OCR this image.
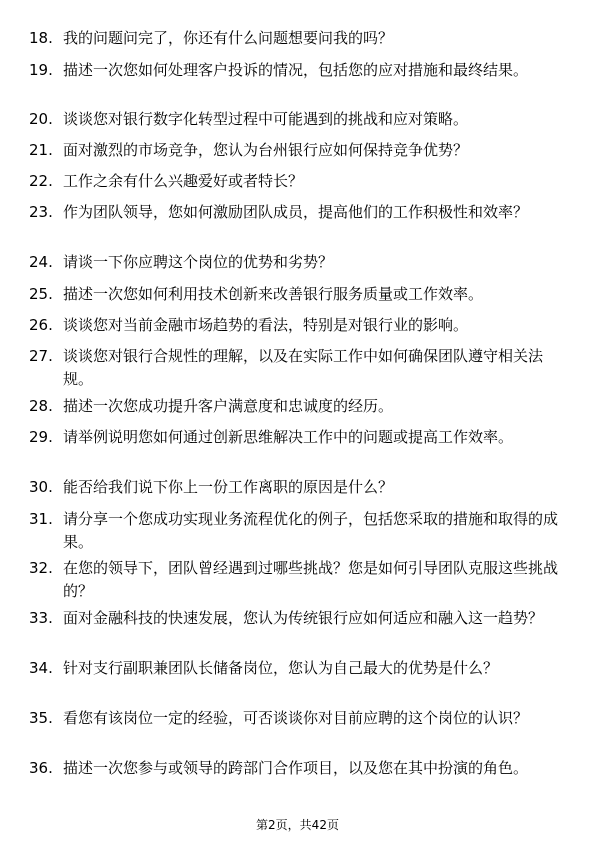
18. 我的问题问完了，你还有什么问题想要问我的吗？
19. 描述一次您如何处理客户投诉的情况，包括您的应对措施和最终结果。
20. 谈谈您对银行数字化转型过程中可能遇到的挑战和应对策略。
21. 面对激烈的市场竞争，您认为台州银行应如何保持竞争优势？
22. 工作之余有什么兴趣爱好或者特长？
23. 作为团队领导，您如何激励团队成员，提高他们的工作积极性和效率？
24. 请谈一下你应聘这个岗位的优势和劣势？
25. 描述一次您如何利用技术创新来改善银行服务质量或工作效率。
26. 谈谈您对当前金融市场趋势的看法，特别是对银行业的影响。
27. 谈谈您对银行合规性的理解，以及在实际工作中如何确保团队遵守相关法规。
28. 描述一次您成功提升客户满意度和忠诚度的经历。
29. 请举例说明您如何通过创新思维解决工作中的问题或提高工作效率。
30. 能否给我们说下你上一份工作离职的原因是什么？
31. 请分享一个您成功实现业务流程优化的例子，包括您采取的措施和取得的成果。
32. 在您的领导下，团队曾经遇到过哪些挑战？您是如何引导团队克服这些挑战的？
33. 面对金融科技的快速发展，您认为传统银行应如何适应和融入这一趋势？
34. 针对支行副职兼团队长储备岗位，您认为自己最大的优势是什么？
35. 看您有该岗位一定的经验，可否谈谈你对目前应聘的这个岗位的认识？
36. 描述一次您参与或领导的跨部门合作项目，以及您在其中扮演的角色。
第2页，共42页
